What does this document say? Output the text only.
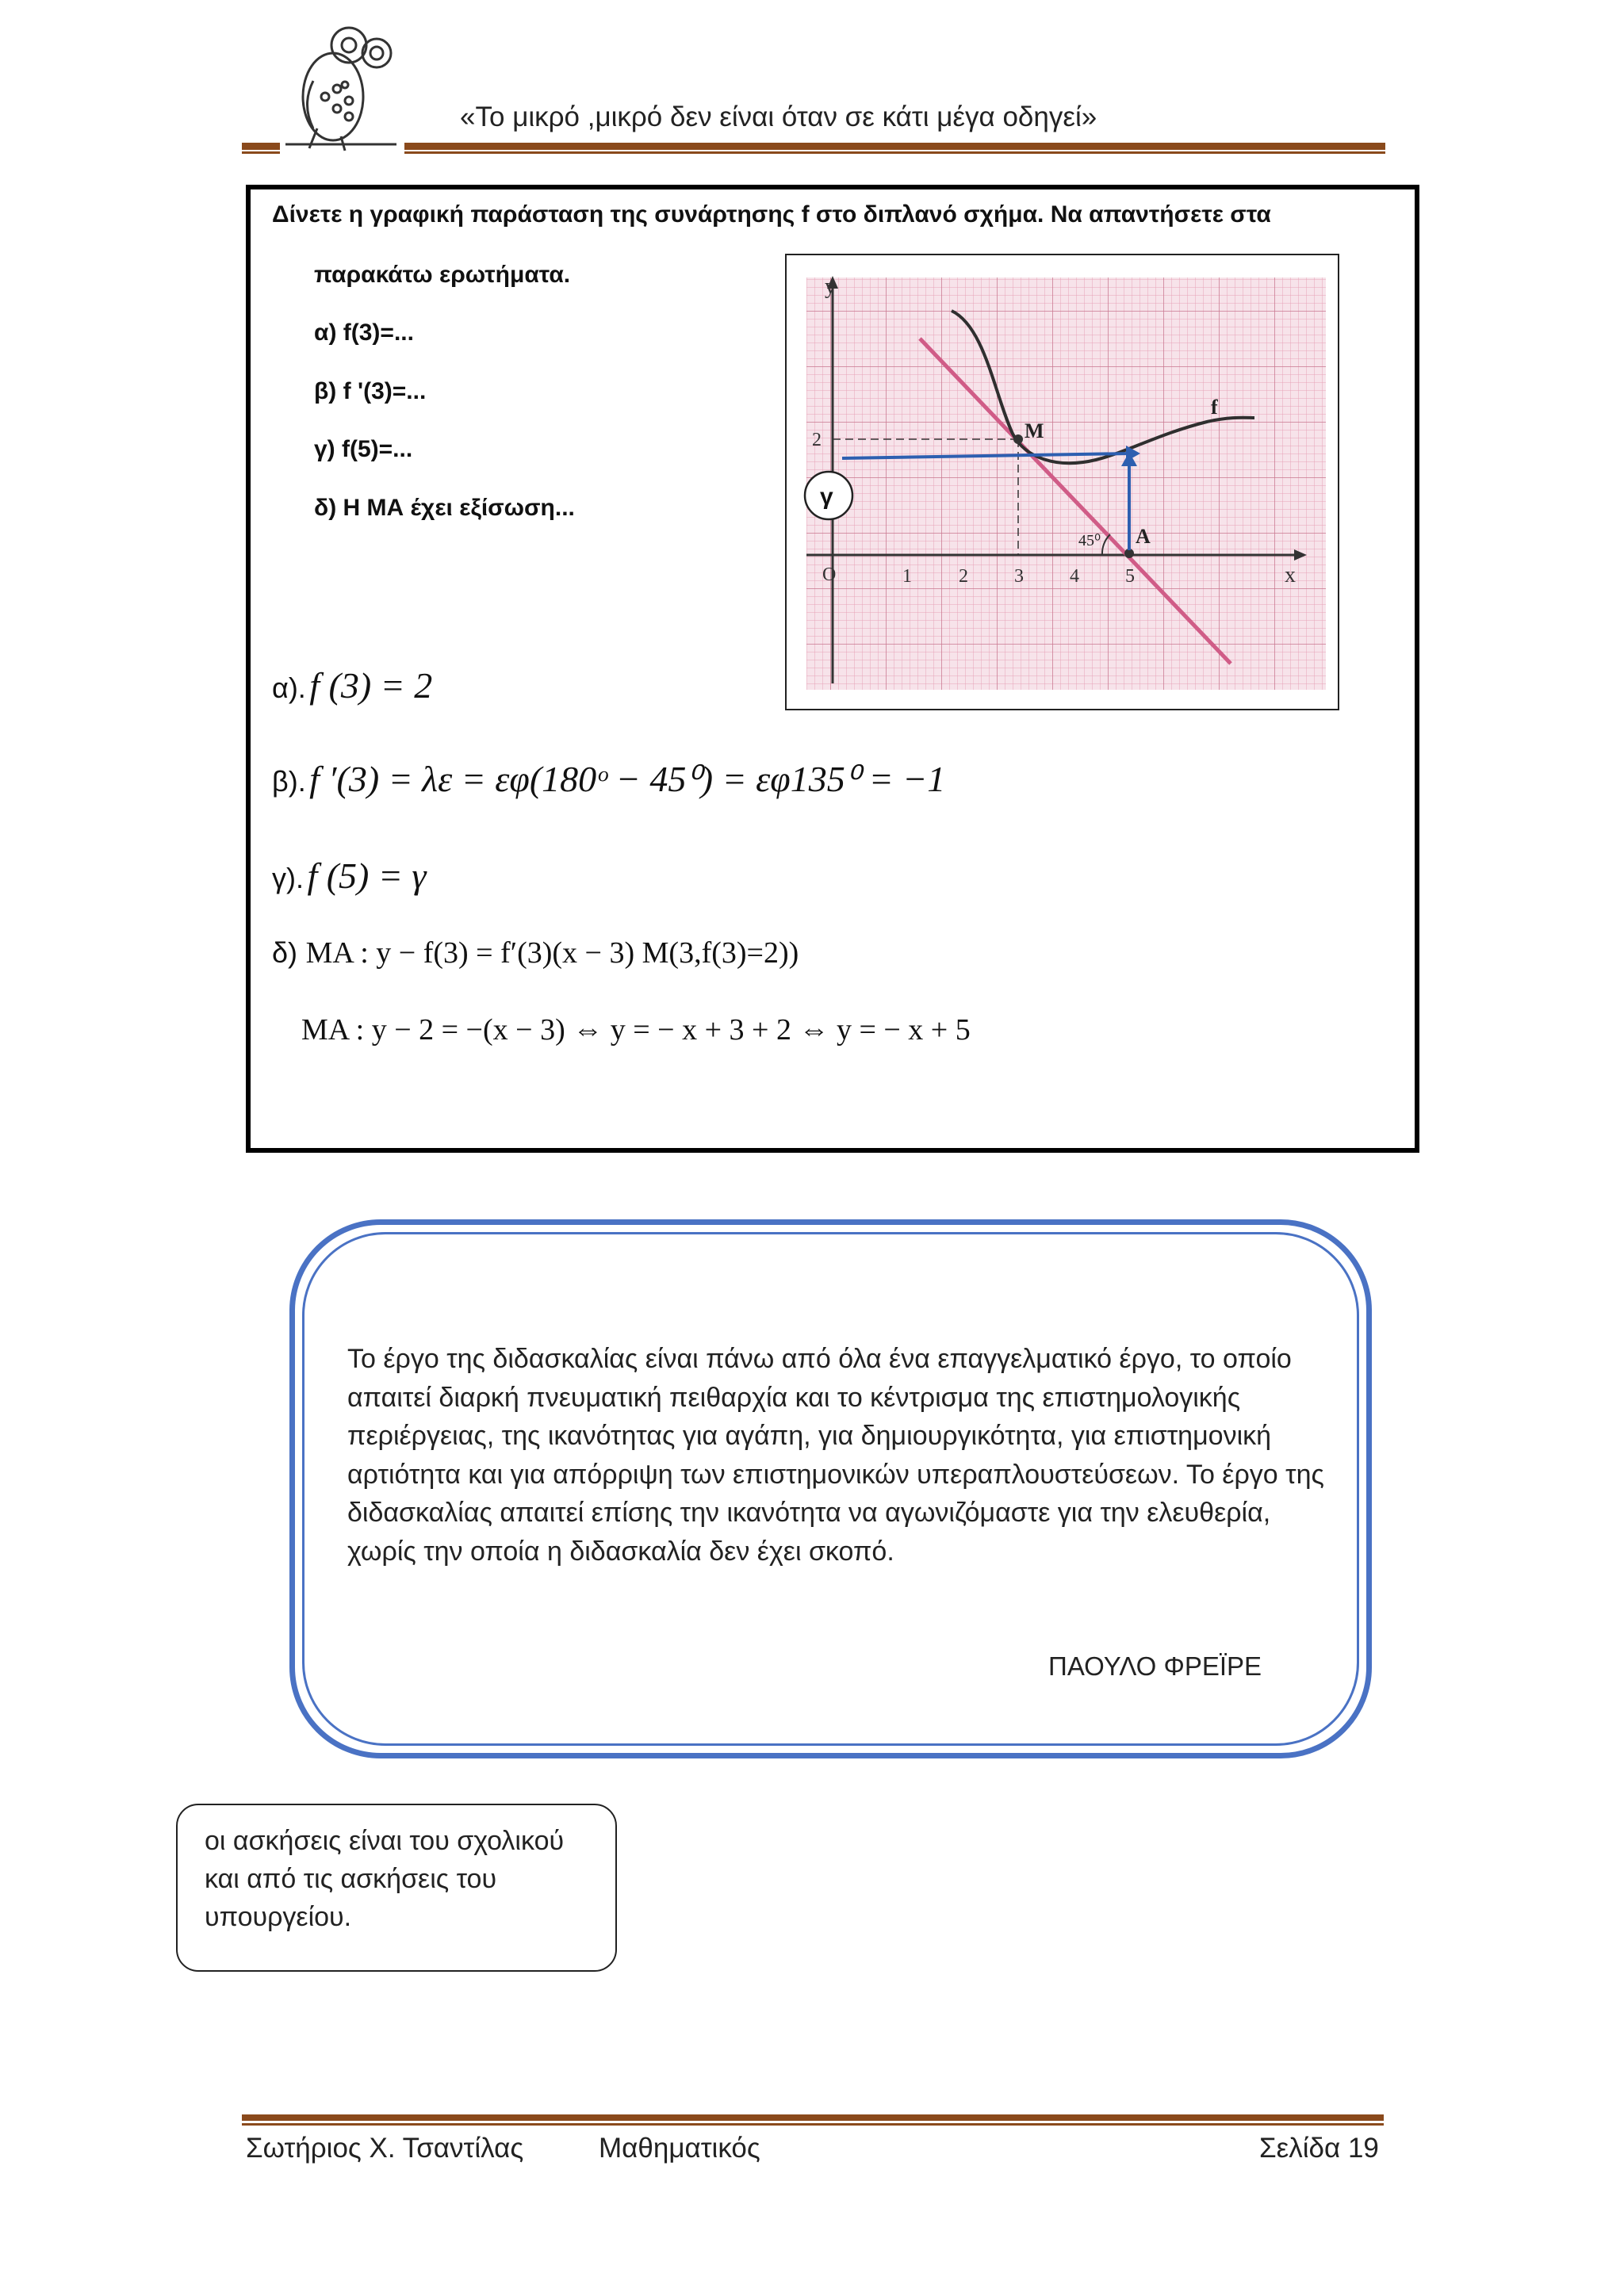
«Το μικρό ,μικρό δεν είναι όταν σε κάτι μέγα οδηγεί»
Δίνετε η γραφική παράσταση της συνάρτησης f στο διπλανό σχήμα. Να απαντήσετε στα
παρακάτω ερωτήματα.
α) f(3)=...
β) f '(3)=...
γ) f(5)=...
δ) Η ΜΑ έχει εξίσωση...
y
x
O	1 2 3 4 5
2	M
A
f
45⁰
γ
α). f (3) = 2
β). f ′(3) = λε = εφ(180ᵒ − 45⁰) = εφ135⁰ = −1
γ). f (5) = γ
δ) MA : y − f(3) = f′(3)(x − 3) M(3,f(3)=2))
MA : y − 2 = −(x − 3) ⇔ y = − x + 3 + 2 ⇔ y = − x + 5
Το έργο της διδασκαλίας είναι πάνω από όλα ένα επαγγελματικό έργο, το οποίο απαιτεί διαρκή πνευματική πειθαρχία και το κέντρισμα της επιστημολογικής περιέργειας, της ικανότητας για αγάπη, για δημιουργικότητα, για επιστημονική αρτιότητα και για απόρριψη των επιστημονικών υπεραπλουστεύσεων. Το έργο της διδασκαλίας απαιτεί επίσης την ικανότητα να αγωνιζόμαστε για την ελευθερία, χωρίς την οποία η διδασκαλία δεν έχει σκοπό.
ΠΑΟΥΛΟ ΦΡΕΪΡΕ
οι ασκήσεις είναι του σχολικού και από τις ασκήσεις του υπουργείου.
Σωτήριος Χ. Τσαντίλας	Μαθηματικός	Σελίδα 19
